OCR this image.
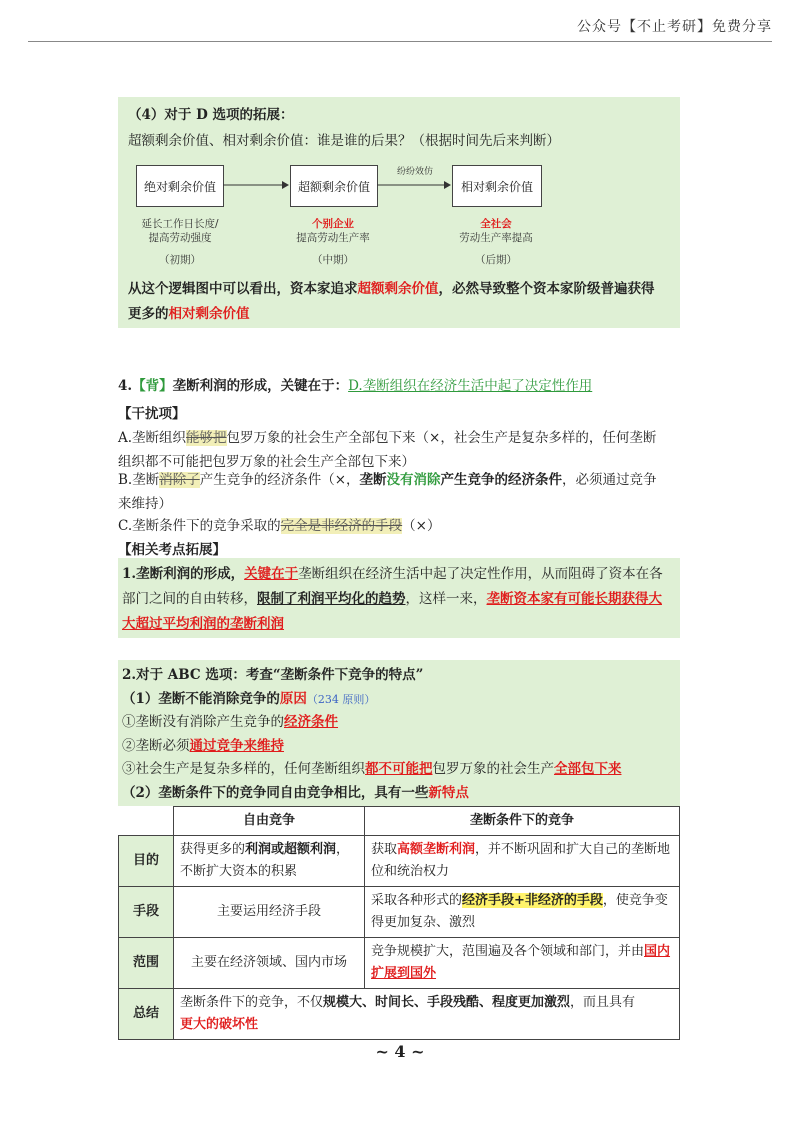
公众号【不止考研】免费分享
（4）对于 D 选项的拓展：
超额剩余价值、相对剩余价值：谁是谁的后果？（根据时间先后来判断）
绝对剩余价值	超额剩余价值	相对剩余价值
纷纷效仿
延长工作日长度/
提高劳动强度
（初期）
个别企业
提高劳动生产率
（中期）
全社会
劳动生产率提高
（后期）
从这个逻辑图中可以看出，资本家追求超额剩余价值，必然导致整个资本家阶级普遍获得
更多的相对剩余价值
4.【背】垄断利润的形成，关键在于：D.垄断组织在经济生活中起了决定性作用
【干扰项】
A.垄断组织能够把包罗万象的社会生产全部包下来（×，社会生产是复杂多样的，任何垄断
组织都不可能把包罗万象的社会生产全部包下来）
B.垄断消除了产生竞争的经济条件（×，垄断没有消除产生竞争的经济条件，必须通过竞争
来维持）
C.垄断条件下的竞争采取的完全是非经济的手段（×）
【相关考点拓展】
1.垄断利润的形成，关键在于垄断组织在经济生活中起了决定性作用，从而阻碍了资本在各
部门之间的自由转移，限制了利润平均化的趋势，这样一来，垄断资本家有可能长期获得大
大超过平均利润的垄断利润
2.对于 ABC 选项：考查“垄断条件下竞争的特点”
（1）垄断不能消除竞争的原因（234 原则）
①垄断没有消除产生竞争的经济条件
②垄断必须通过竞争来维持
③社会生产是复杂多样的，任何垄断组织都不可能把包罗万象的社会生产全部包下来
（2）垄断条件下的竞争同自由竞争相比，具有一些新特点
	自由竞争	垄断条件下的竞争
目的	获得更多的利润或超额利润，
不断扩大资本的积累	获取高额垄断利润，并不断巩固和扩大自己的垄断地位和统治权力
手段	主要运用经济手段	采取各种形式的经济手段+非经济的手段，使竞争变得更加复杂、激烈
范围	主要在经济领域、国内市场	竞争规模扩大，范围遍及各个领域和部门，并由国内扩展到国外
总结	垄断条件下的竞争，不仅规模大、时间长、手段残酷、程度更加激烈，而且具有
更大的破坏性	
~ 4 ~
